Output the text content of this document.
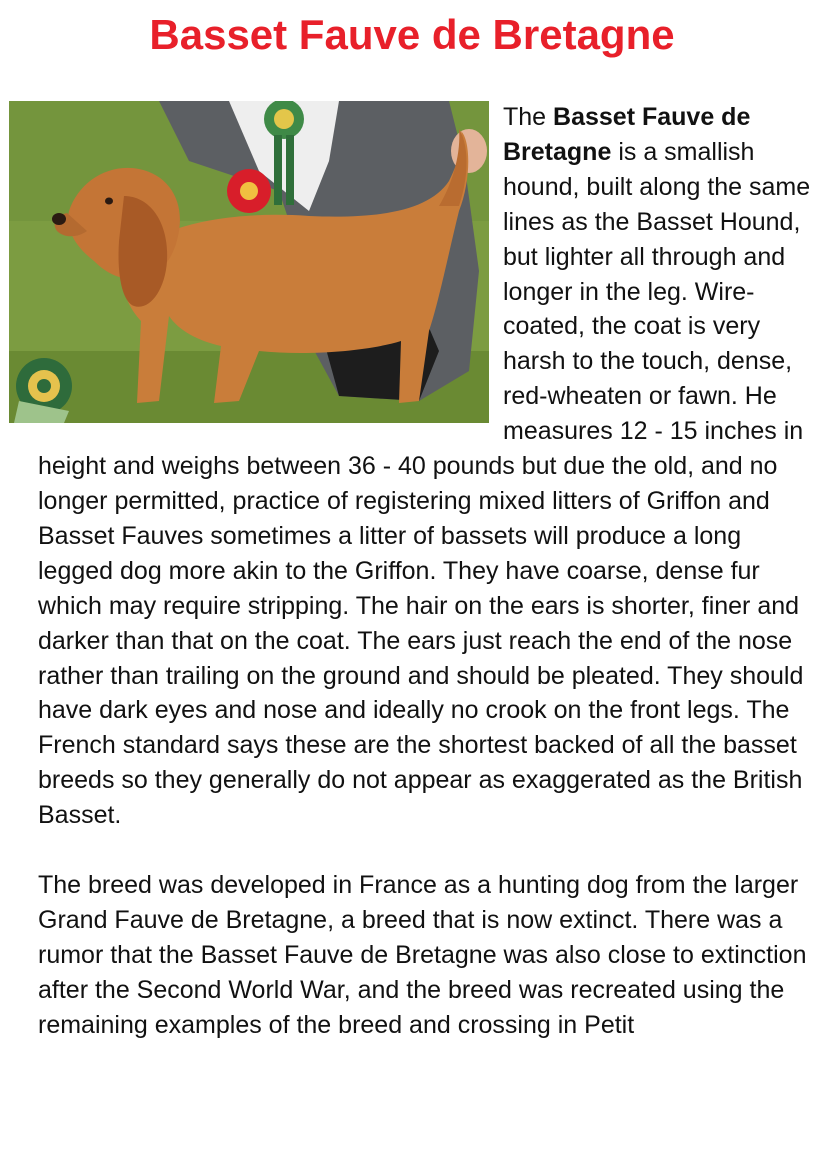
Basset Fauve de Bretagne

The Basset Fauve de Bretagne is a smallish hound, built along the same lines as the Basset Hound, but lighter all through and longer in the leg. Wire-coated, the coat is very harsh to the touch, dense, red-wheaten or fawn. He measures 12 - 15 inches in height and weighs between 36 - 40 pounds but due the old, and no longer permitted, practice of registering mixed litters of Griffon and Basset Fauves sometimes a litter of bassets will produce a long legged dog more akin to the Griffon. They have coarse, dense fur which may require stripping. The hair on the ears is shorter, finer and darker than that on the coat. The ears just reach the end of the nose rather than trailing on the ground and should be pleated. They should have dark eyes and nose and ideally no crook on the front legs. The French standard says these are the shortest backed of all the basset breeds so they generally do not appear as exaggerated as the British Basset.

The breed was developed in France as a hunting dog from the larger Grand Fauve de Bretagne, a breed that is now extinct. There was a rumor that the Basset Fauve de Bretagne was also close to extinction after the Second World War, and the breed was recreated using the remaining examples of the breed and crossing in Petit
